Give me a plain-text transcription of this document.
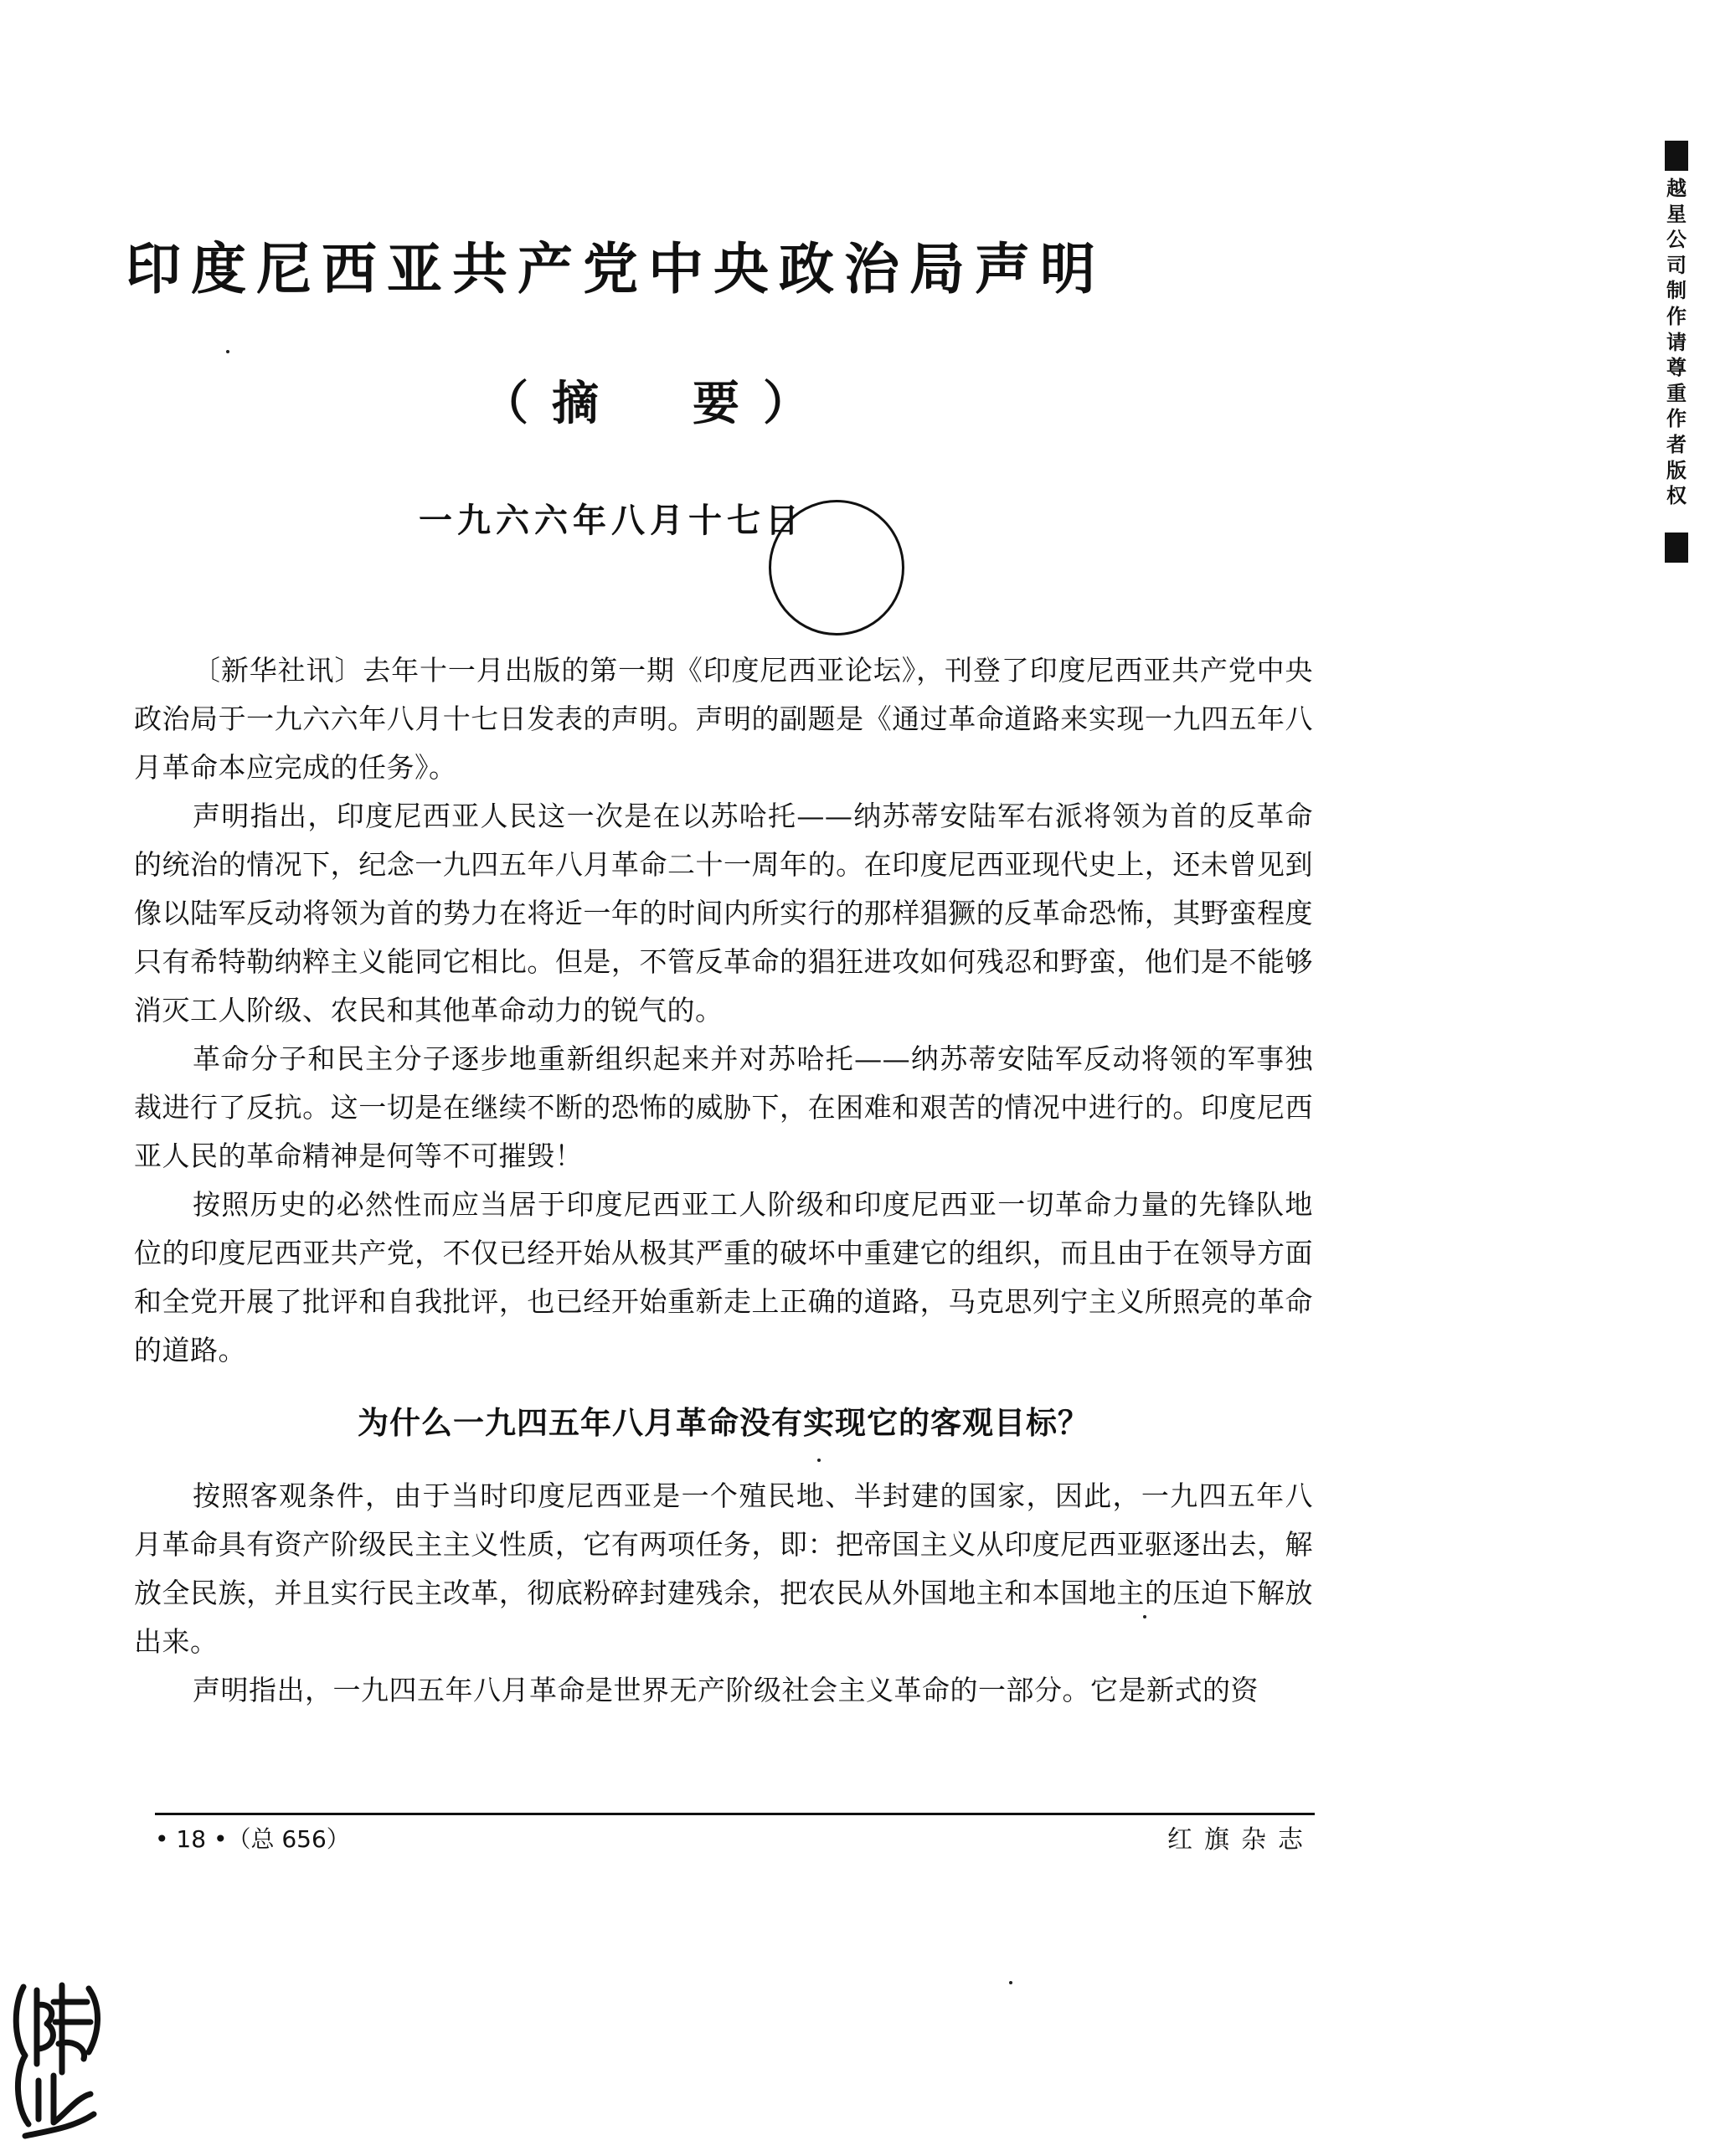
印度尼西亚共产党中央政治局声明
（摘　要）
一九六六年八月十七日

〔新华社讯〕去年十一月出版的第一期《印度尼西亚论坛》，刊登了印度尼西亚共产党中央政治局于一九六六年八月十七日发表的声明。声明的副题是《通过革命道路来实现一九四五年八月革命本应完成的任务》。

声明指出，印度尼西亚人民这一次是在以苏哈托——纳苏蒂安陆军右派将领为首的反革命的统治的情况下，纪念一九四五年八月革命二十一周年的。在印度尼西亚现代史上，还未曾见到像以陆军反动将领为首的势力在将近一年的时间内所实行的那样猖獗的反革命恐怖，其野蛮程度只有希特勒纳粹主义能同它相比。但是，不管反革命的猖狂进攻如何残忍和野蛮，他们是不能够消灭工人阶级、农民和其他革命动力的锐气的。

革命分子和民主分子逐步地重新组织起来并对苏哈托——纳苏蒂安陆军反动将领的军事独裁进行了反抗。这一切是在继续不断的恐怖的威胁下，在困难和艰苦的情况中进行的。印度尼西亚人民的革命精神是何等不可摧毁！

按照历史的必然性而应当居于印度尼西亚工人阶级和印度尼西亚一切革命力量的先锋队地位的印度尼西亚共产党，不仅已经开始从极其严重的破坏中重建它的组织，而且由于在领导方面和全党开展了批评和自我批评，也已经开始重新走上正确的道路，马克思列宁主义所照亮的革命的道路。

为什么一九四五年八月革命没有实现它的客观目标？

按照客观条件，由于当时印度尼西亚是一个殖民地、半封建的国家，因此，一九四五年八月革命具有资产阶级民主主义性质，它有两项任务，即：把帝国主义从印度尼西亚驱逐出去，解放全民族，并且实行民主改革，彻底粉碎封建残余，把农民从外国地主和本国地主的压迫下解放出来。

声明指出，一九四五年八月革命是世界无产阶级社会主义革命的一部分。它是新式的资

• 18 •（总 656）	红旗杂志
越
星
公
司
制
作
请
尊
重
作
者
版
权
